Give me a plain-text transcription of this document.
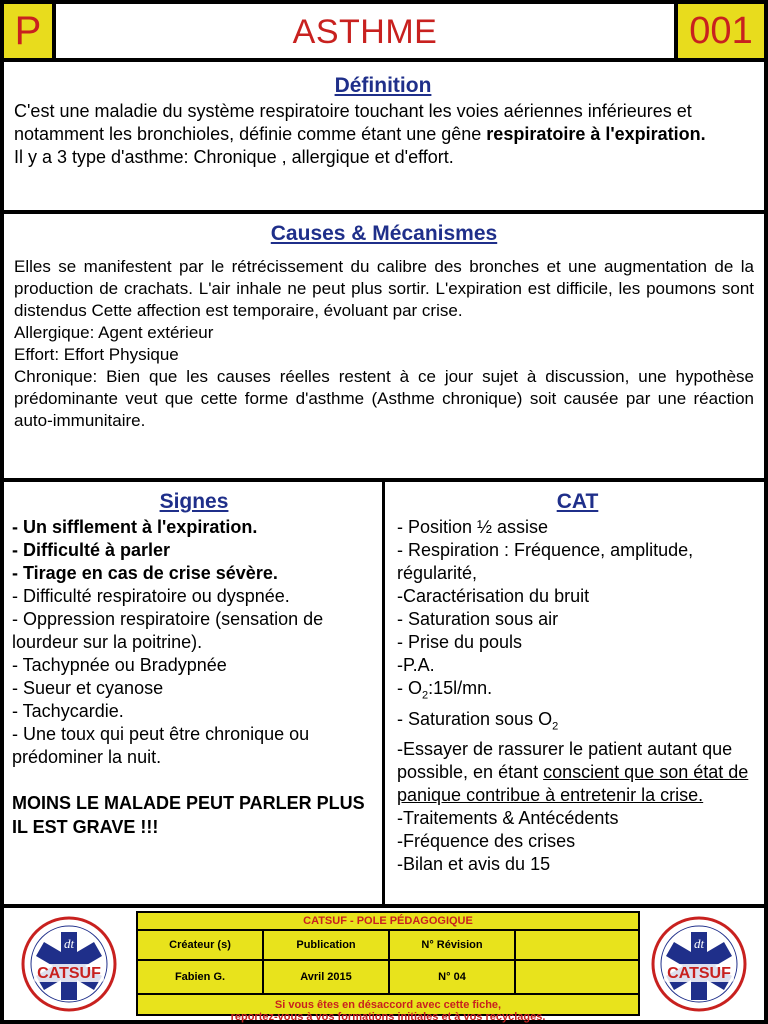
P	ASTHME	001
Définition

C'est une maladie du système respiratoire touchant les voies aériennes inférieures et notamment les bronchioles, définie comme étant une gêne respiratoire à l'expiration.

Il y a 3 type d'asthme: Chronique , allergique et d'effort.

Causes & Mécanismes

Elles se manifestent par le rétrécissement du calibre des bronches et une augmentation de la production de crachats. L'air inhale ne peut plus sortir. L'expiration est difficile, les poumons sont distendus Cette affection est temporaire, évoluant par crise.

Allergique: Agent extérieur

Effort: Effort Physique

Chronique: Bien que les causes réelles restent à ce jour sujet à discussion, une hypothèse prédominante veut que cette forme d'asthme (Asthme chronique) soit causée par une réaction auto-immunitaire.

Signes
- Un sifflement à l'expiration.
- Difficulté à parler
- Tirage en cas de crise sévère.
- Difficulté respiratoire ou dyspnée.
- Oppression respiratoire (sensation de lourdeur sur la poitrine).
- Tachypnée ou Bradypnée
- Sueur et cyanose
- Tachycardie.
- Une toux qui peut être chronique ou prédominer la nuit.
MOINS LE MALADE PEUT PARLER PLUS IL EST GRAVE !!!
CAT
- Position ½ assise
- Respiration : Fréquence, amplitude, régularité,
-Caractérisation du bruit
- Saturation sous air
- Prise du pouls
-P.A.
- $O_2:15l/mn$.
- Saturation sous $O_2$
-Essayer de rassurer le patient autant que possible, en étant conscient que son état de panique contribue à entretenir la crise.
-Traitements & Antécédents
-Fréquence des crises
-Bilan et avis du 15
CATSUF
dt
CATSUF - POLE PÉDAGOGIQUE
Créateur (s)	Publication	N° Révision
Fabien G.	Avril 2015	N° 04
Si vous êtes en désaccord avec cette fiche,
reportez-vous à vos formations initiales et à vos recyclages.
CATSUF
dt
